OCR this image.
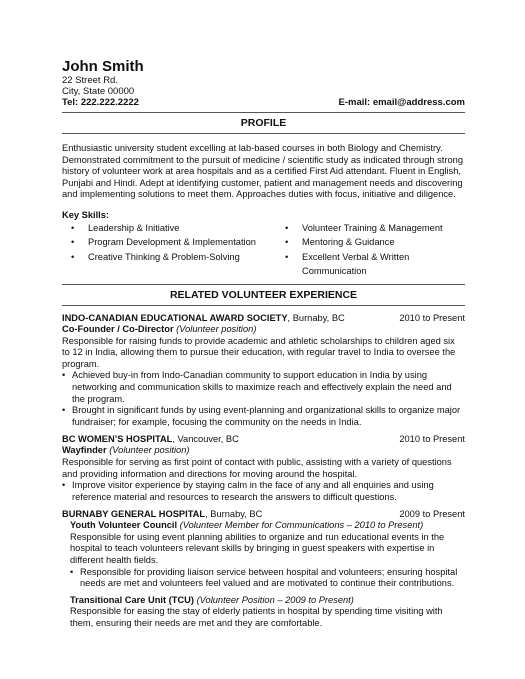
John Smith
22 Street Rd.
City, State 00000
Tel: 222.222.2222	E-mail: email@address.com
PROFILE

Enthusiastic university student excelling at lab-based courses in both Biology and Chemistry. Demonstrated commitment to the pursuit of medicine / scientific study as indicated through strong history of volunteer work at area hospitals and as a certified First Aid attendant. Fluent in English, Punjabi and Hindi. Adept at identifying customer, patient and management needs and discovering and implementing solutions to meet them. Approaches duties with focus, initiative and diligence.

Key Skills:
•	Leadership & Initiative	•	Volunteer Training & Management
•	Program Development & Implementation	•	Mentoring & Guidance
•	Creative Thinking & Problem-Solving	•	Excellent Verbal & Written Communication
RELATED VOLUNTEER EXPERIENCE
INDO-CANADIAN EDUCATIONAL AWARD SOCIETY, Burnaby, BC	2010 to Present
Co-Founder / Co-Director (Volunteer position)

Responsible for raising funds to provide academic and athletic scholarships to children aged six to 12 in India, allowing them to pursue their education, with regular travel to India to oversee the program.

• Achieved buy-in from Indo-Canadian community to support education in India by using networking and communication skills to maximize reach and effectively explain the need and the program.
• Brought in significant funds by using event-planning and organizational skills to organize major fundraiser; for example, focusing the community on the needs in India.
BC WOMEN’S HOSPITAL, Vancouver, BC	2010 to Present
Wayfinder (Volunteer position)

Responsible for serving as first point of contact with public, assisting with a variety of questions and providing information and directions for moving around the hospital.

• Improve visitor experience by staying calm in the face of any and all enquiries and using reference material and resources to research the answers to difficult questions.
BURNABY GENERAL HOSPITAL, Burnaby, BC	2009 to Present
Youth Volunteer Council (Volunteer Member for Communications – 2010 to Present)

Responsible for using event planning abilities to organize and run educational events in the hospital to teach volunteers relevant skills by bringing in guest speakers with expertise in different health fields.

• Responsible for providing liaison service between hospital and volunteers; ensuring hospital needs are met and volunteers feel valued and are motivated to continue their contributions.
Transitional Care Unit (TCU) (Volunteer Position – 2009 to Present)

Responsible for easing the stay of elderly patients in hospital by spending time visiting with them, ensuring their needs are met and they are comfortable.
